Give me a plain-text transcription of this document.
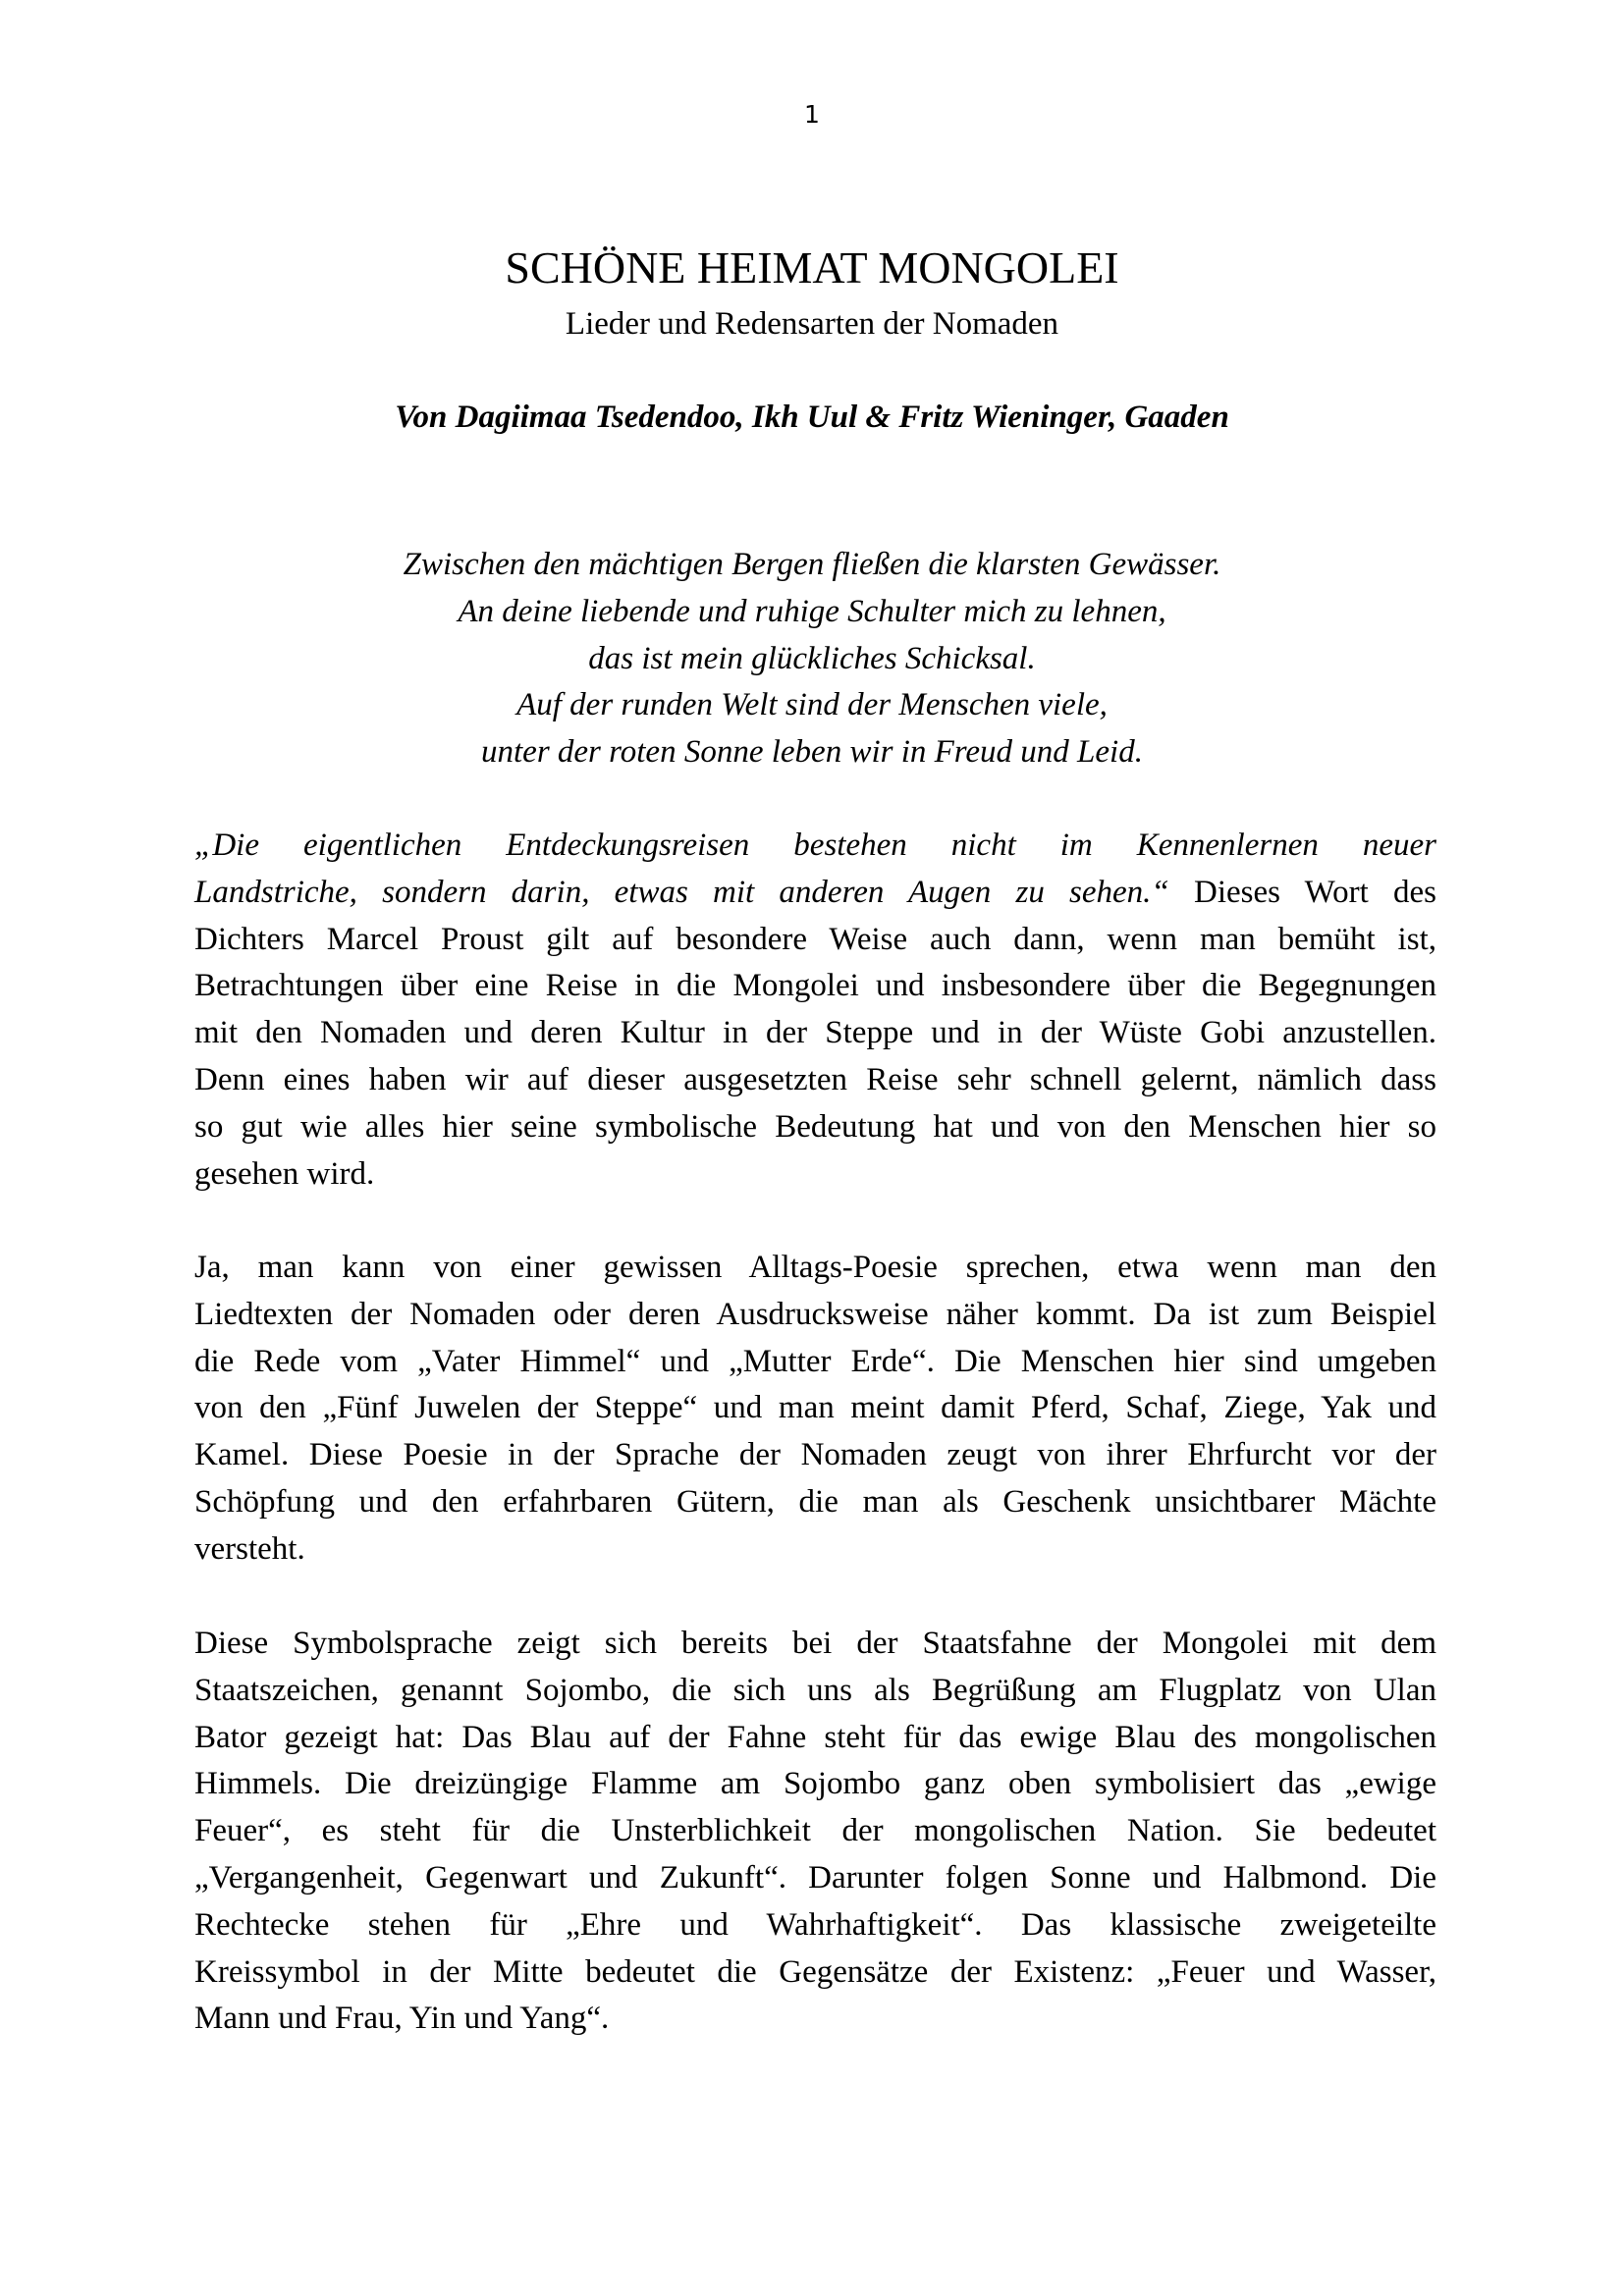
1
SCHÖNE HEIMAT MONGOLEI
Lieder und Redensarten der Nomaden
Von Dagiimaa Tsedendoo, Ikh Uul & Fritz Wieninger, Gaaden
Zwischen den mächtigen Bergen fließen die klarsten Gewässer.
An deine liebende und ruhige Schulter mich zu lehnen,
das ist mein glückliches Schicksal.
Auf der runden Welt sind der Menschen viele,
unter der roten Sonne leben wir in Freud und Leid.
„Die eigentlichen Entdeckungsreisen bestehen nicht im Kennenlernen neuer
Landstriche, sondern darin, etwas mit anderen Augen zu sehen.“ Dieses Wort des
Dichters Marcel Proust gilt auf besondere Weise auch dann, wenn man bemüht ist,
Betrachtungen über eine Reise in die Mongolei und insbesondere über die Begegnungen
mit den Nomaden und deren Kultur in der Steppe und in der Wüste Gobi anzustellen.
Denn eines haben wir auf dieser ausgesetzten Reise sehr schnell gelernt, nämlich dass
so gut wie alles hier seine symbolische Bedeutung hat und von den Menschen hier so
gesehen wird.
Ja, man kann von einer gewissen Alltags-Poesie sprechen, etwa wenn man den
Liedtexten der Nomaden oder deren Ausdrucksweise näher kommt. Da ist zum Beispiel
die Rede vom „Vater Himmel“ und „Mutter Erde“. Die Menschen hier sind umgeben
von den „Fünf Juwelen der Steppe“ und man meint damit Pferd, Schaf, Ziege, Yak und
Kamel. Diese Poesie in der Sprache der Nomaden zeugt von ihrer Ehrfurcht vor der
Schöpfung und den erfahrbaren Gütern, die man als Geschenk unsichtbarer Mächte
versteht.
Diese Symbolsprache zeigt sich bereits bei der Staatsfahne der Mongolei mit dem
Staatszeichen, genannt Sojombo, die sich uns als Begrüßung am Flugplatz von Ulan
Bator gezeigt hat: Das Blau auf der Fahne steht für das ewige Blau des mongolischen
Himmels. Die dreizüngige Flamme am Sojombo ganz oben symbolisiert das „ewige
Feuer“, es steht für die Unsterblichkeit der mongolischen Nation. Sie bedeutet
„Vergangenheit, Gegenwart und Zukunft“. Darunter folgen Sonne und Halbmond. Die
Rechtecke stehen für „Ehre und Wahrhaftigkeit“. Das klassische zweigeteilte
Kreissymbol in der Mitte bedeutet die Gegensätze der Existenz: „Feuer und Wasser,
Mann und Frau, Yin und Yang“.
